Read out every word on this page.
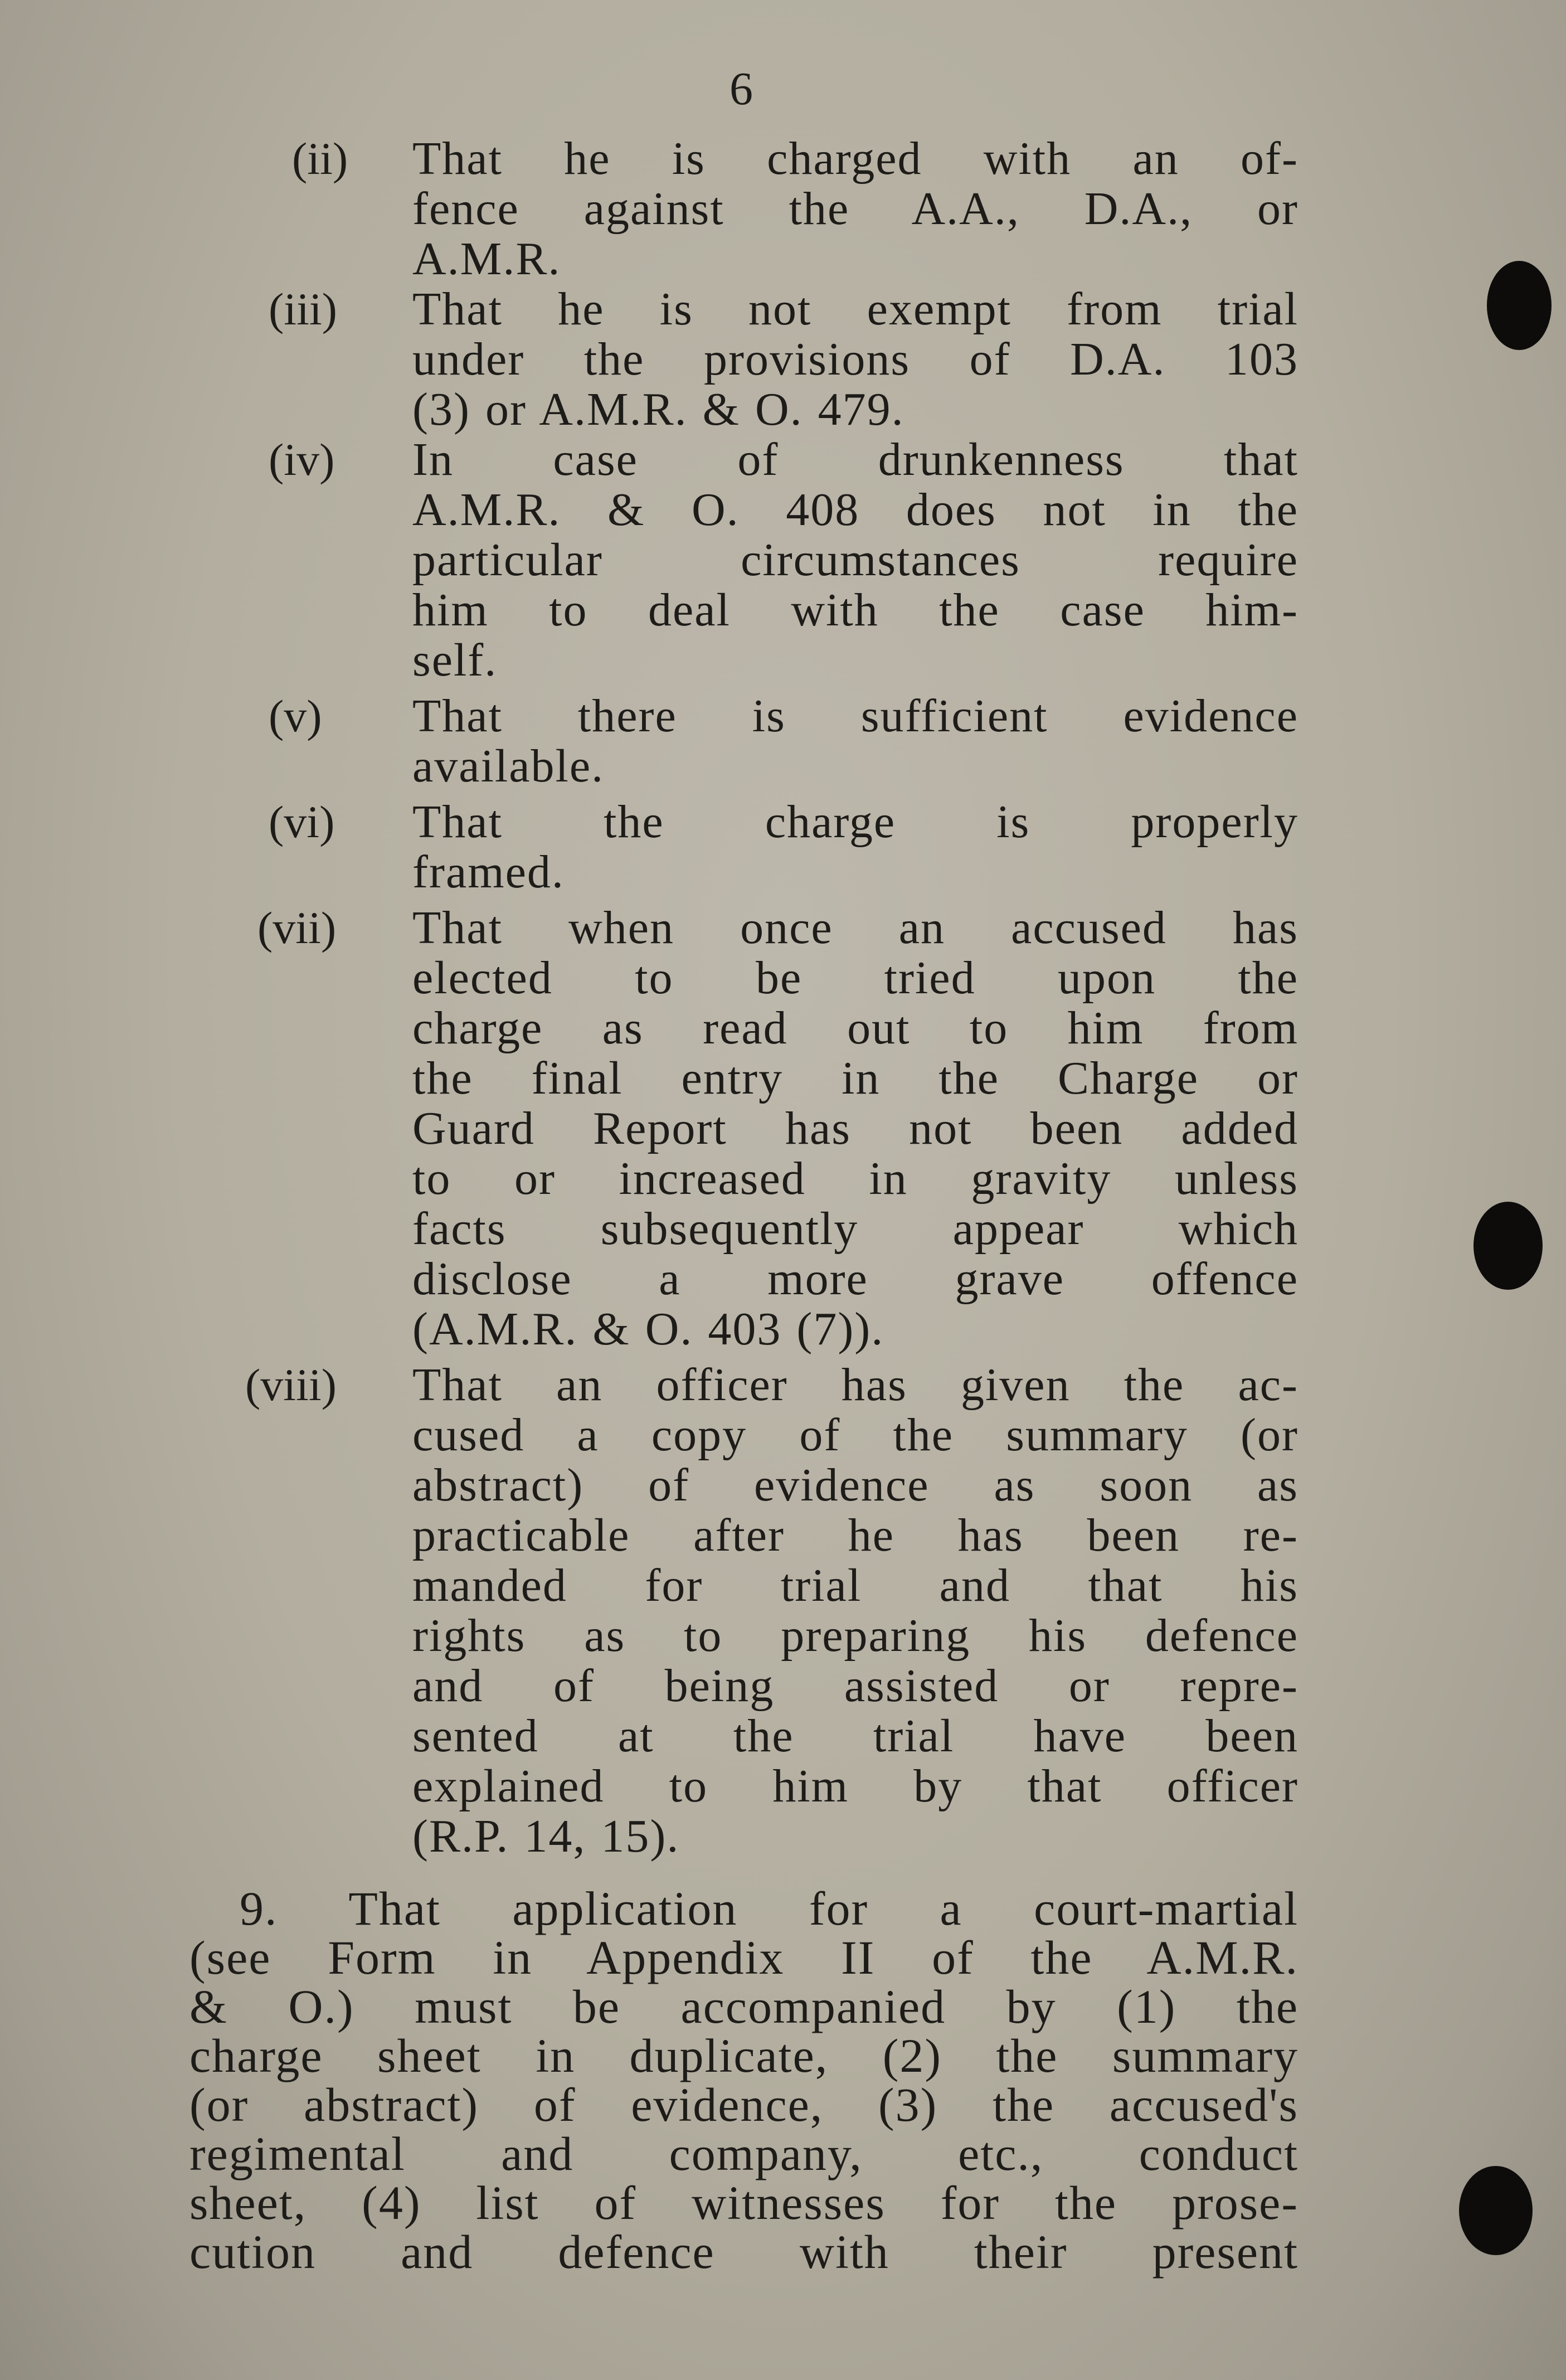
6
(ii) That he is charged with an of-
fence against the A.A., D.A., or
A.M.R.
(iii) That he is not exempt from trial
under the provisions of D.A. 103
(3) or A.M.R. & O. 479.
(iv) In case of drunkenness that
A.M.R. & O. 408 does not in the
particular circumstances require
him to deal with the case him-
self.
(v) That there is sufficient evidence
available.
(vi) That the charge is properly
framed.
(vii) That when once an accused has
elected to be tried upon the
charge as read out to him from
the final entry in the Charge or
Guard Report has not been added
to or increased in gravity unless
facts subsequently appear which
disclose a more grave offence
(A.M.R. & O. 403 (7)).
(viii) That an officer has given the ac-
cused a copy of the summary (or
abstract) of evidence as soon as
practicable after he has been re-
manded for trial and that his
rights as to preparing his defence
and of being assisted or repre-
sented at the trial have been
explained to him by that officer
(R.P. 14, 15).
9. That application for a court-martial
(see Form in Appendix II of the A.M.R.
& O.) must be accompanied by (1) the
charge sheet in duplicate, (2) the summary
(or abstract) of evidence, (3) the accused's
regimental and company, etc., conduct
sheet, (4) list of witnesses for the prose-
cution and defence with their present
